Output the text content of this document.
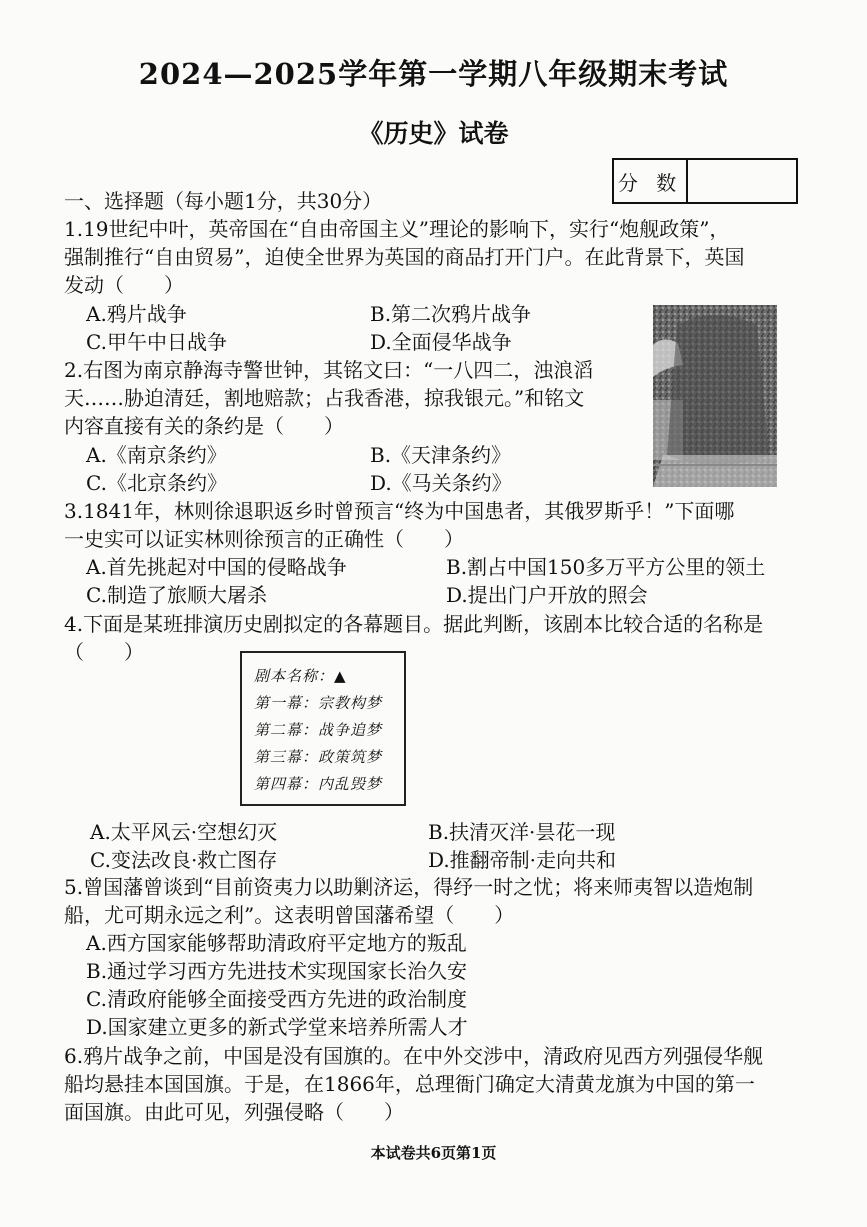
2024—2025学年第一学期八年级期末考试
《历史》试卷
分 数
一、选择题（每小题1分，共30分）
1.19世纪中叶，英帝国在“自由帝国主义”理论的影响下，实行“炮舰政策”，
强制推行“自由贸易”，迫使全世界为英国的商品打开门户。在此背景下，英国
发动（　　）
A.鸦片战争	B.第二次鸦片战争
C.甲午中日战争	D.全面侵华战争
2.右图为南京静海寺警世钟，其铭文曰：“一八四二，浊浪滔
天……胁迫清廷，割地赔款；占我香港，掠我银元。”和铭文
内容直接有关的条约是（　　）
A.《南京条约》	B.《天津条约》
C.《北京条约》	D.《马关条约》
3.1841年，林则徐退职返乡时曾预言“终为中国患者，其俄罗斯乎！”下面哪
一史实可以证实林则徐预言的正确性（　　）
A.首先挑起对中国的侵略战争	B.割占中国150多万平方公里的领土
C.制造了旅顺大屠杀	D.提出门户开放的照会
4.下面是某班排演历史剧拟定的各幕题目。据此判断，该剧本比较合适的名称是
（　　）
剧本名称：▲
第一幕：宗教构梦
第二幕：战争追梦
第三幕：政策筑梦
第四幕：内乱毁梦
A.太平风云·空想幻灭	B.扶清灭洋·昙花一现
C.变法改良·救亡图存	D.推翻帝制·走向共和
5.曾国藩曾谈到“目前资夷力以助剿济运，得纾一时之忧；将来师夷智以造炮制
船，尤可期永远之利”。这表明曾国藩希望（　　）
A.西方国家能够帮助清政府平定地方的叛乱
B.通过学习西方先进技术实现国家长治久安
C.清政府能够全面接受西方先进的政治制度
D.国家建立更多的新式学堂来培养所需人才
6.鸦片战争之前，中国是没有国旗的。在中外交涉中，清政府见西方列强侵华舰
船均悬挂本国国旗。于是，在1866年，总理衙门确定大清黄龙旗为中国的第一
面国旗。由此可见，列强侵略（　　）
本试卷共6页第1页
